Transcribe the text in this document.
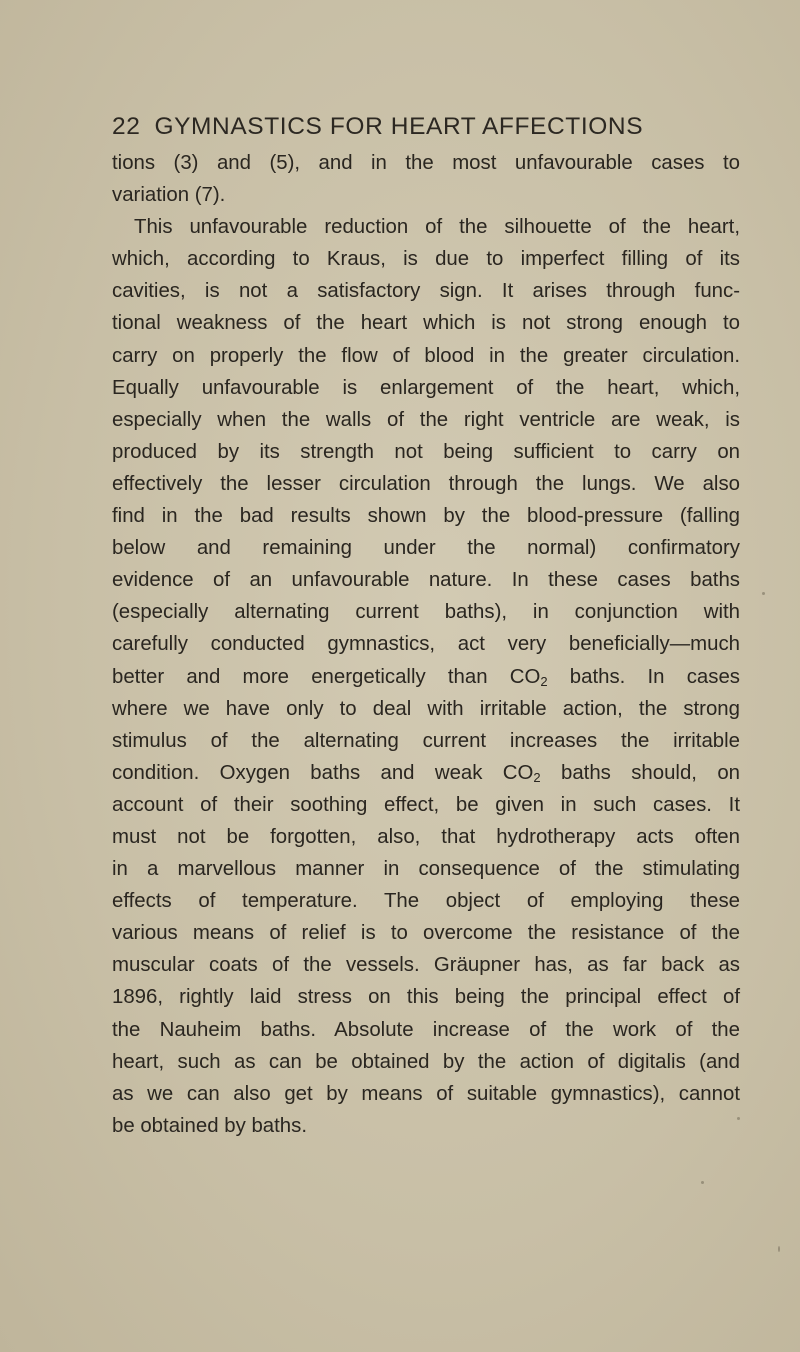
22 GYMNASTICS FOR HEART AFFECTIONS
tions (3) and (5), and in the most unfavourable cases to
variation (7).
This unfavourable reduction of the silhouette of the heart,
which, according to Kraus, is due to imperfect filling of its
cavities, is not a satisfactory sign. It arises through func-
tional weakness of the heart which is not strong enough to
carry on properly the flow of blood in the greater circulation.
Equally unfavourable is enlargement of the heart, which,
especially when the walls of the right ventricle are weak, is
produced by its strength not being sufficient to carry on
effectively the lesser circulation through the lungs. We also
find in the bad results shown by the blood-pressure (falling
below and remaining under the normal) confirmatory
evidence of an unfavourable nature. In these cases baths
(especially alternating current baths), in conjunction with
carefully conducted gymnastics, act very beneficially—much
better and more energetically than $CO_2$ baths. In cases
where we have only to deal with irritable action, the strong
stimulus of the alternating current increases the irritable
condition. Oxygen baths and weak $CO_2$ baths should, on
account of their soothing effect, be given in such cases. It
must not be forgotten, also, that hydrotherapy acts often
in a marvellous manner in consequence of the stimulating
effects of temperature. The object of employing these
various means of relief is to overcome the resistance of the
muscular coats of the vessels. Gräupner has, as far back as
1896, rightly laid stress on this being the principal effect of
the Nauheim baths. Absolute increase of the work of the
heart, such as can be obtained by the action of digitalis (and
as we can also get by means of suitable gymnastics), cannot
be obtained by baths.
